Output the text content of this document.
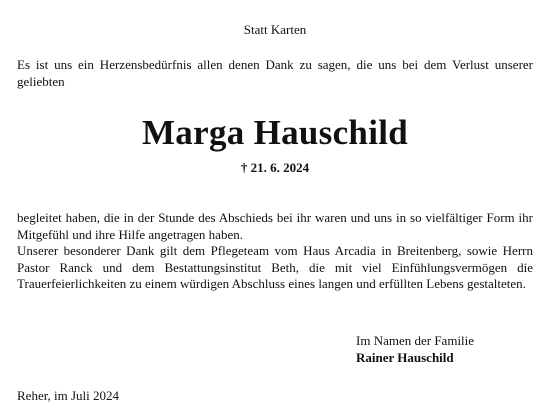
Statt Karten

Es ist uns ein Herzensbedürfnis allen denen Dank zu sagen, die uns bei dem Verlust unserer geliebten

Marga Hauschild
† 21. 6. 2024

begleitet haben, die in der Stunde des Abschieds bei ihr waren und uns in so vielfältiger Form ihr Mitgefühl und ihre Hilfe angetragen haben.

Unserer besonderer Dank gilt dem Pflegeteam vom Haus Arcadia in Breitenberg, sowie Herrn Pastor Ranck und dem Bestattungsinstitut Beth, die mit viel Einfühlungsvermögen die Trauerfeierlichkeiten zu einem würdigen Abschluss eines langen und erfüllten Lebens gestalteten.

Im Namen der Familie
Rainer Hauschild
Reher, im Juli 2024
